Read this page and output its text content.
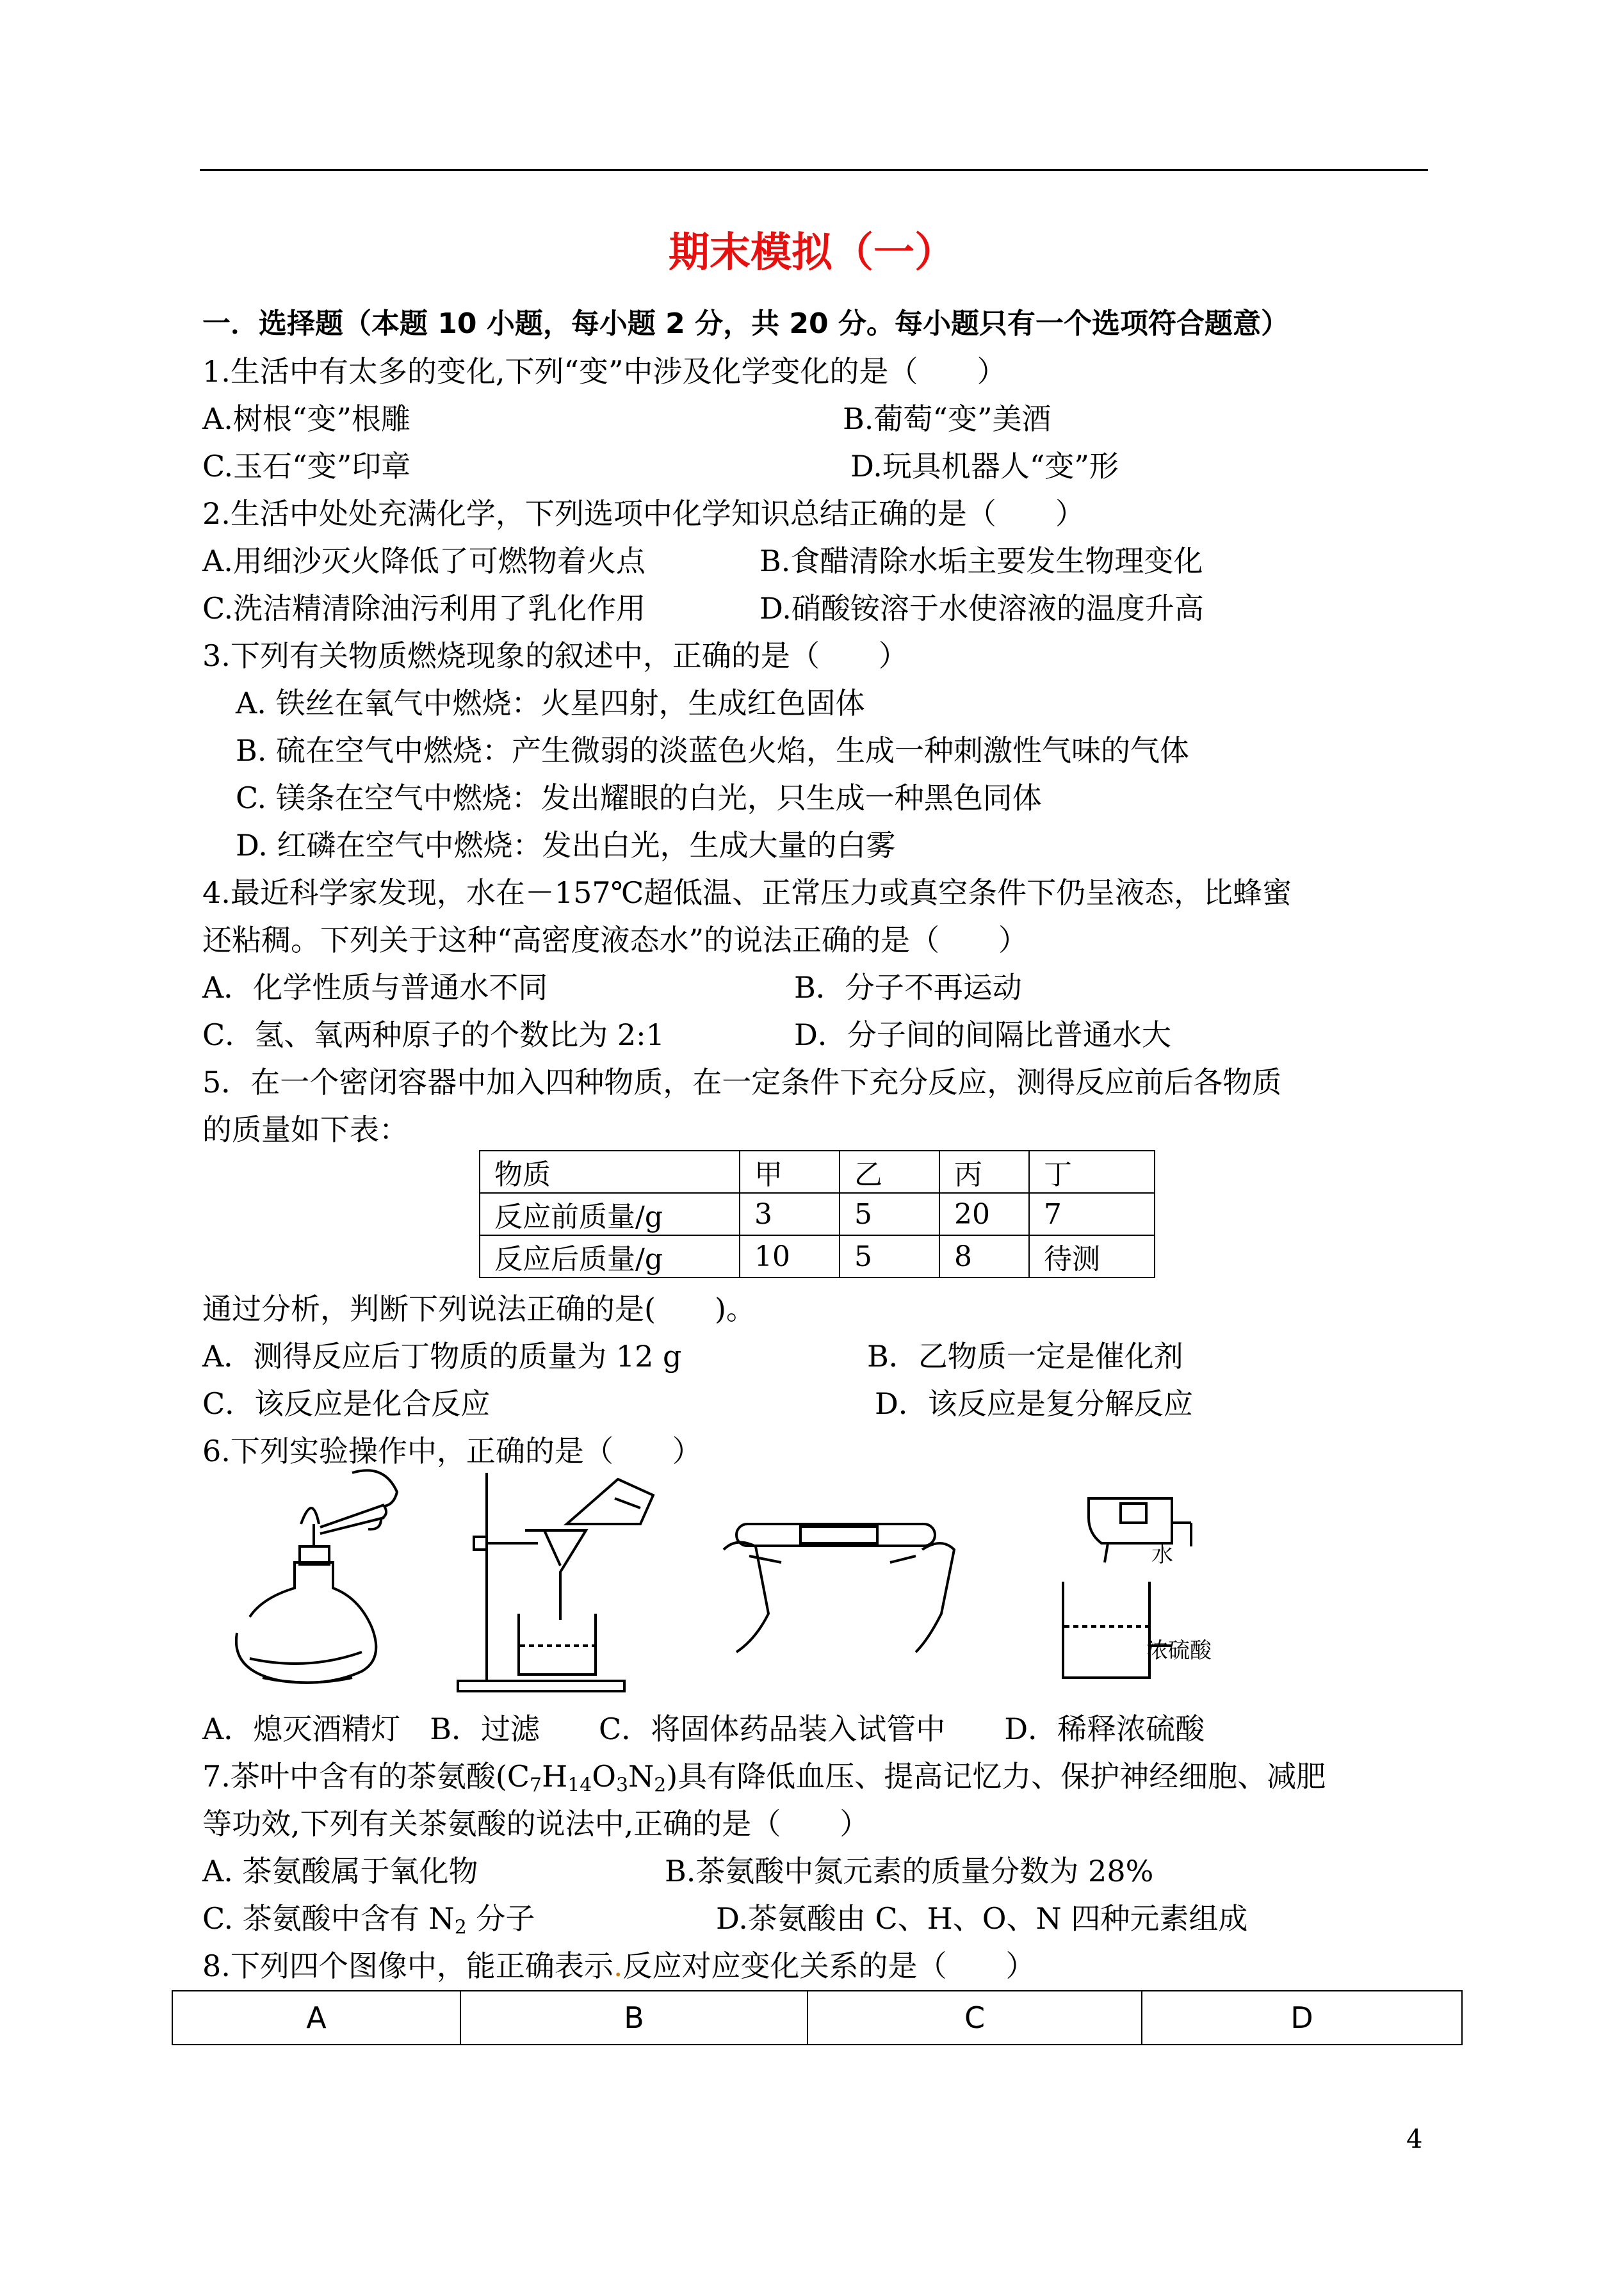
期末模拟（一）
一．选择题（本题 10 小题，每小题 2 分，共 20 分。每小题只有一个选项符合题意）
1.生活中有太多的变化,下列“变”中涉及化学变化的是（　　）
A.树根“变”根雕	B.葡萄“变”美酒
C.玉石“变”印章	D.玩具机器人“变”形
2.生活中处处充满化学，下列选项中化学知识总结正确的是（　　）
A.用细沙灭火降低了可燃物着火点	B.食醋清除水垢主要发生物理变化
C.洗洁精清除油污利用了乳化作用	D.硝酸铵溶于水使溶液的温度升高
3.下列有关物质燃烧现象的叙述中，正确的是（　　）
A. 铁丝在氧气中燃烧：火星四射，生成红色固体
B. 硫在空气中燃烧：产生微弱的淡蓝色火焰，生成一种刺激性气味的气体
C. 镁条在空气中燃烧：发出耀眼的白光，只生成一种黑色同体
D. 红磷在空气中燃烧：发出白光，生成大量的白雾
4.最近科学家发现，水在－157℃超低温、正常压力或真空条件下仍呈液态，比蜂蜜
还粘稠。下列关于这种“高密度液态水”的说法正确的是（　　）
A．化学性质与普通水不同	B．分子不再运动
C．氢、氧两种原子的个数比为 2:1	D．分子间的间隔比普通水大
5．在一个密闭容器中加入四种物质，在一定条件下充分反应，测得反应前后各物质
的质量如下表：
物质	甲	乙	丙	丁
反应前质量/g	3	5	20	7
反应后质量/g	10	5	8	待测
通过分析，判断下列说法正确的是(　　)。
A．测得反应后丁物质的质量为 12 g	B．乙物质一定是催化剂
C．该反应是化合反应	D．该反应是复分解反应
6.下列实验操作中，正确的是（　　）
水
浓硫酸
A．熄灭酒精灯　B．过滤　　C．将固体药品装入试管中　　D．稀释浓硫酸
7.茶叶中含有的茶氨酸$(C_7H_{14}O_3N_2)$具有降低血压、提高记忆力、保护神经细胞、减肥
等功效,下列有关茶氨酸的说法中,正确的是（　　）
A. 茶氨酸属于氧化物	B.茶氨酸中氮元素的质量分数为 28%
C. 茶氨酸中含有 $N_2$ 分子	D.茶氨酸由 C、H、O、N 四种元素组成
8.下列四个图像中，能正确表示.反应对应变化关系的是（　　）
A	B	C	D
4
